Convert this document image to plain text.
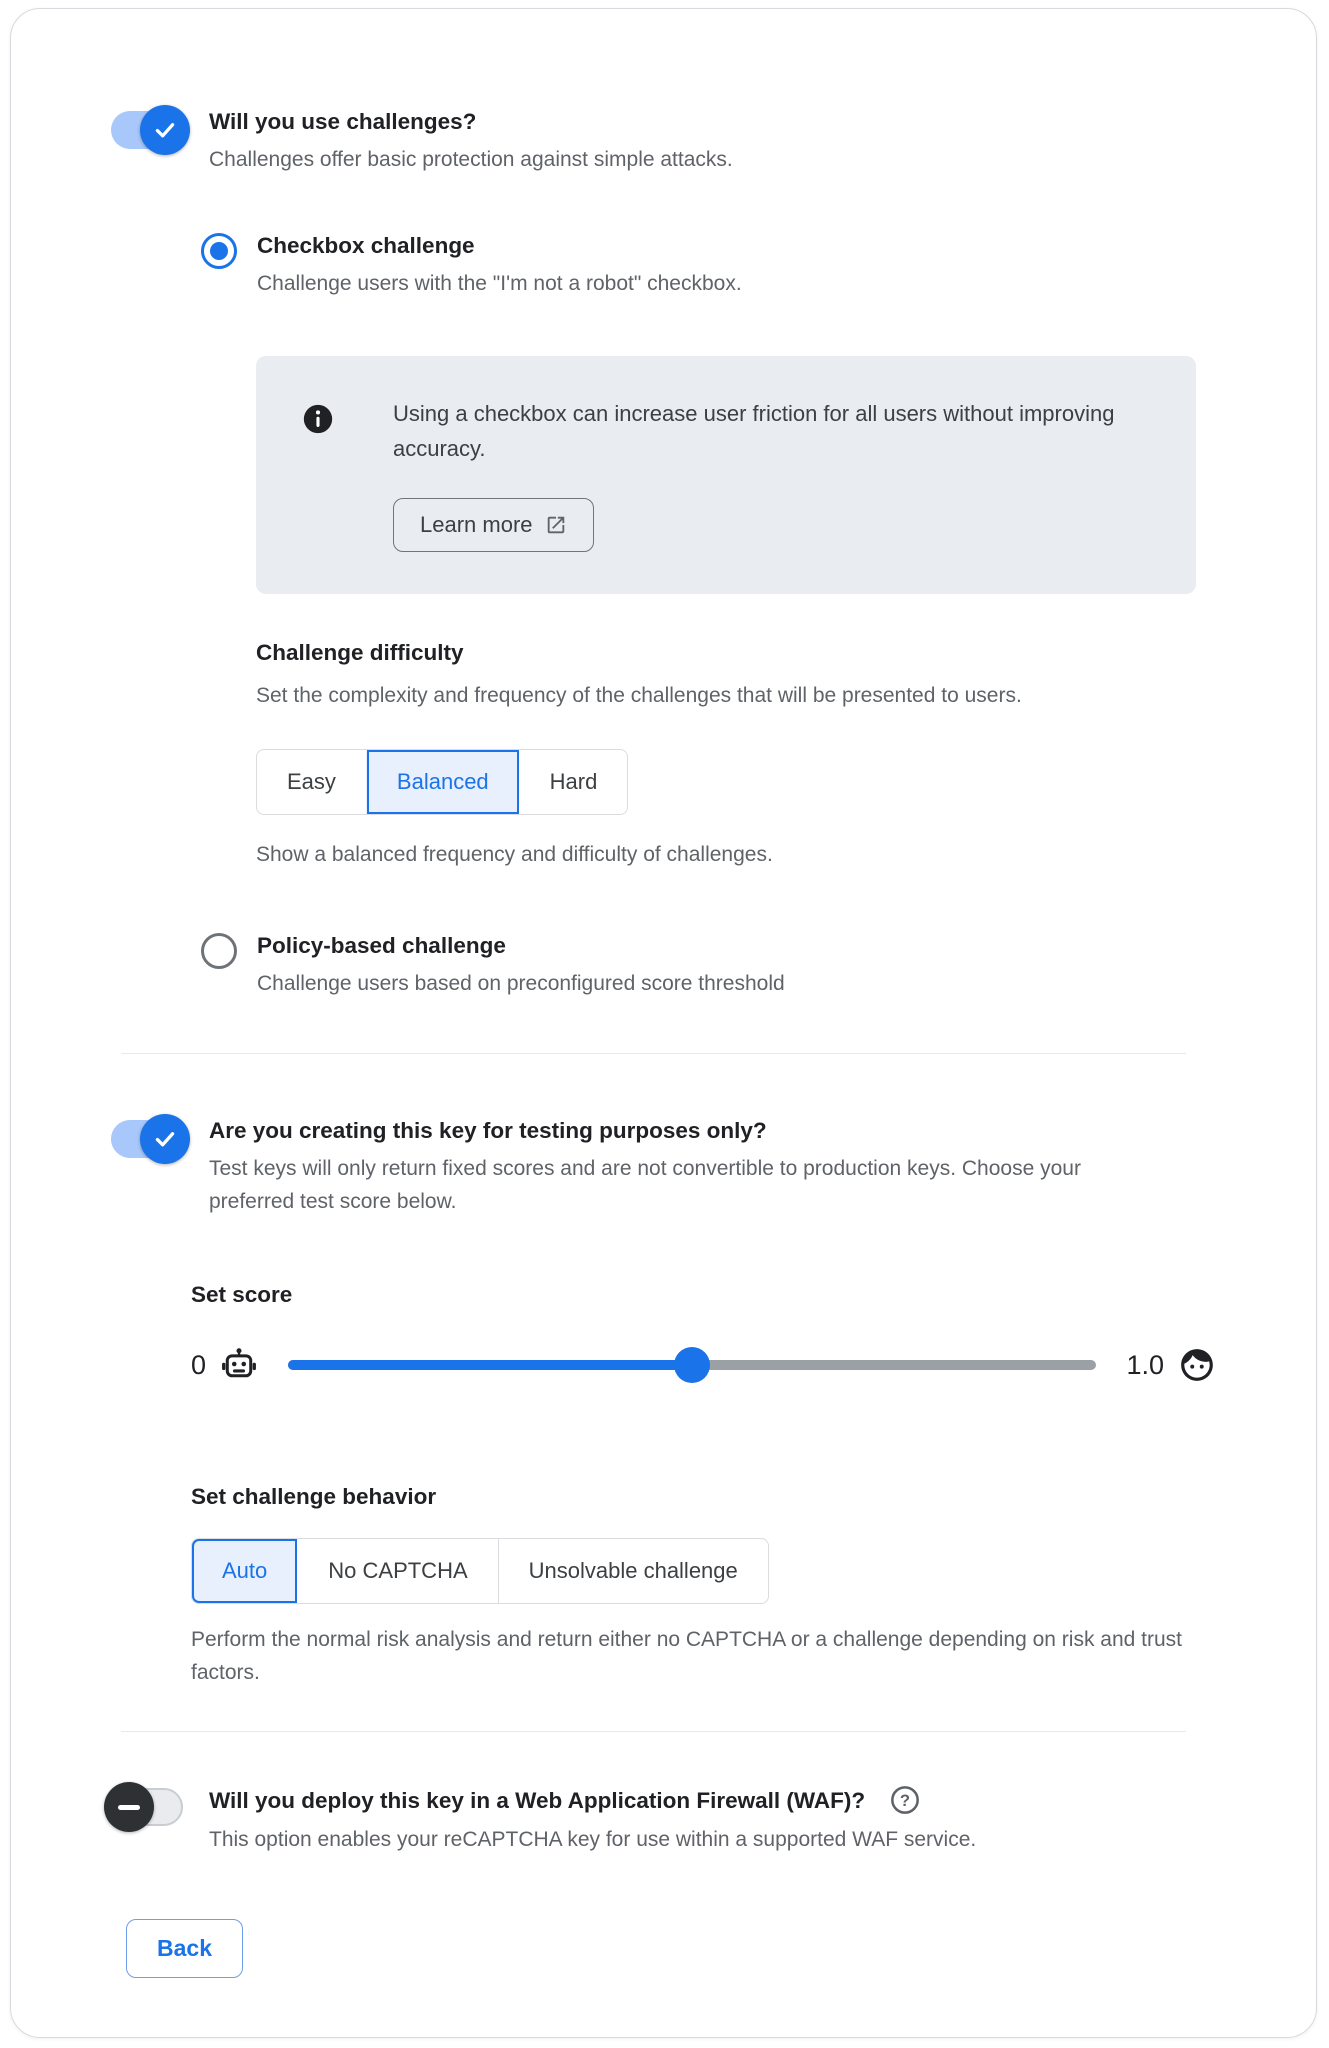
Will you use challenges?
Challenges offer basic protection against simple attacks.
Checkbox challenge
Challenge users with the "I'm not a robot" checkbox.
Using a checkbox can increase user friction for all users without improving accuracy.
Learn more
Challenge difficulty
Set the complexity and frequency of the challenges that will be presented to users.
Easy	Balanced	Hard
Show a balanced frequency and difficulty of challenges.
Policy-based challenge
Challenge users based on preconfigured score threshold
Are you creating this key for testing purposes only?
Test keys will only return fixed scores and are not convertible to production keys. Choose your preferred test score below.
Set score
0	1.0
Set challenge behavior
Auto	No CAPTCHA	Unsolvable challenge
Perform the normal risk analysis and return either no CAPTCHA or a challenge depending on risk and trust factors.
Will you deploy this key in a Web Application Firewall (WAF)?	?
This option enables your reCAPTCHA key for use within a supported WAF service.
Back
